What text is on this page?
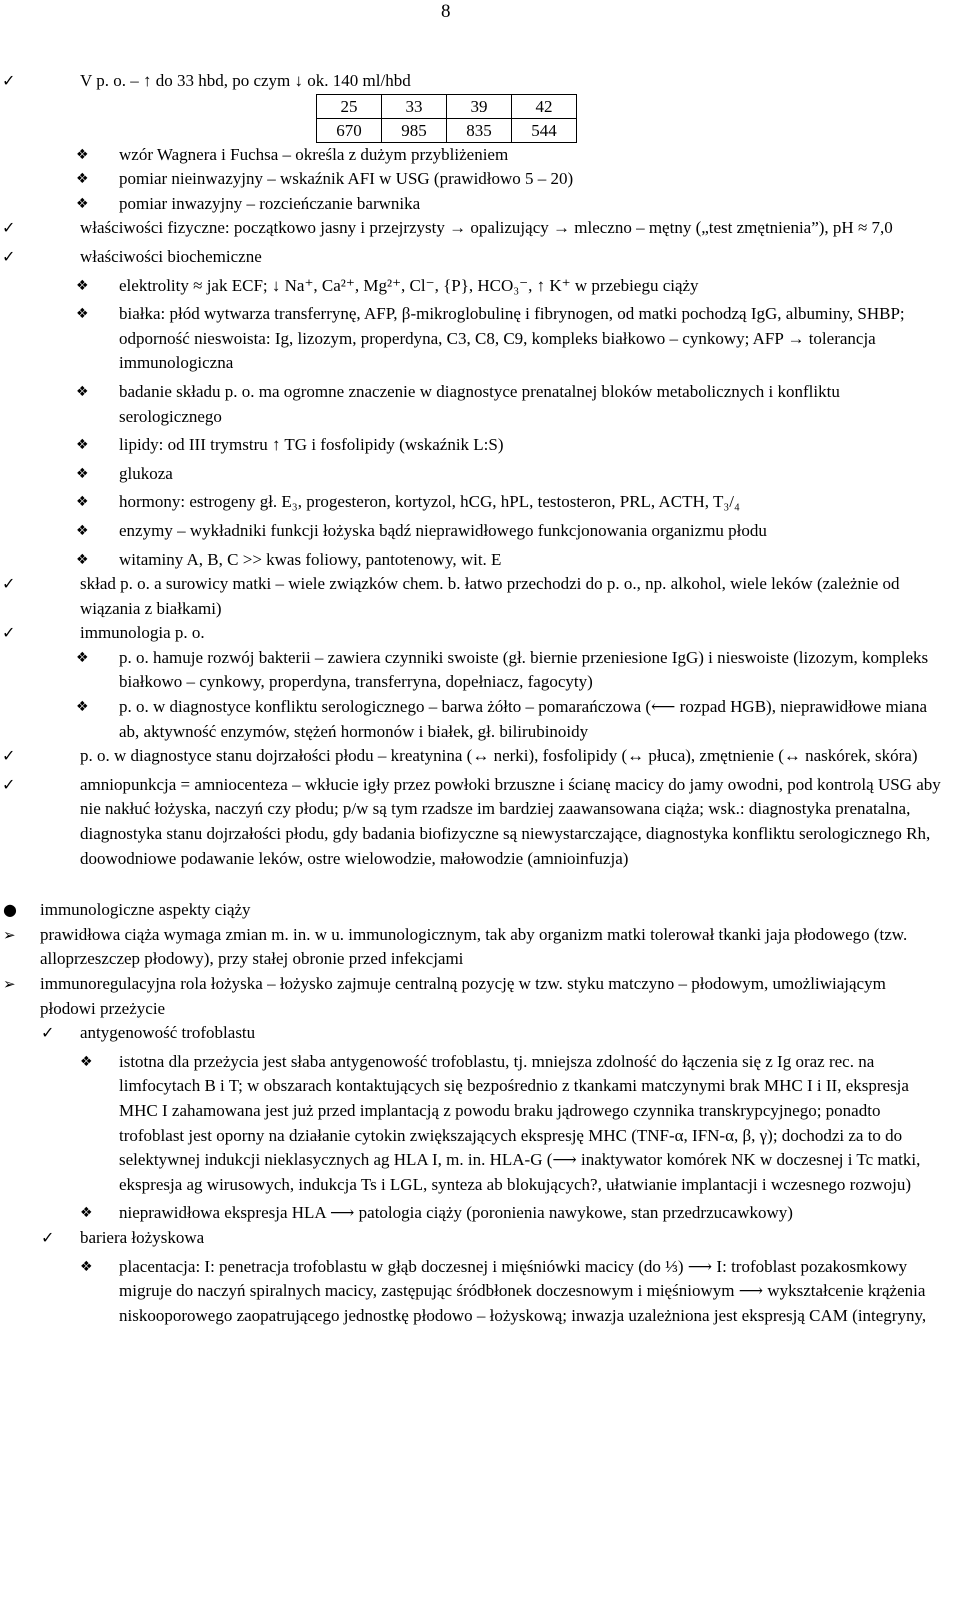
8
✓	V p. o. – ↑ do 33 hbd, po czym ↓ ok. 140 ml/hbd
25	33	39	42
670	985	835	544
❖ wzór Wagnera i Fuchsa – określa z dużym przybliżeniem
❖ pomiar nieinwazyjny – wskaźnik AFI w USG (prawidłowo 5 – 20)
❖ pomiar inwazyjny – rozcieńczanie barwnika
✓	właściwości fizyczne: początkowo jasny i przejrzysty → opalizujący → mleczno – mętny („test zmętnienia”), pH ≈ 7,0
✓	właściwości biochemiczne
❖ elektrolity ≈ jak ECF; ↓ Na⁺, Ca²⁺, Mg²⁺, Cl⁻, {P}, HCO₃⁻, ↑ K⁺ w przebiegu ciąży
❖ białka: płód wytwarza transferrynę, AFP, β-mikroglobulinę i fibrynogen, od matki pochodzą IgG, albuminy, SHBP; odporność nieswoista: Ig, lizozym, properdyna, C3, C8, C9, kompleks białkowo – cynkowy; AFP → tolerancja immunologiczna
❖ badanie składu p. o. ma ogromne znaczenie w diagnostyce prenatalnej bloków metabolicznych i konfliktu serologicznego
❖ lipidy: od III trymstru ↑ TG i fosfolipidy (wskaźnik L:S)
❖ glukoza
❖ hormony: estrogeny gł. E₃, progesteron, kortyzol, hCG, hPL, testosteron, PRL, ACTH, T₃/₄
❖ enzymy – wykładniki funkcji łożyska bądź nieprawidłowego funkcjonowania organizmu płodu
❖ witaminy A, B, C >> kwas foliowy, pantotenowy, wit. E
✓	skład p. o. a surowicy matki – wiele związków chem. b. łatwo przechodzi do p. o., np. alkohol, wiele leków (zależnie od wiązania z białkami)
✓	immunologia p. o.
❖ p. o. hamuje rozwój bakterii – zawiera czynniki swoiste (gł. biernie przeniesione IgG) i nieswoiste (lizozym, kompleks białkowo – cynkowy, properdyna, transferryna, dopełniacz, fagocyty)
❖ p. o. w diagnostyce konfliktu serologicznego – barwa żółto – pomarańczowa (⟵ rozpad HGB), nieprawidłowe miana ab, aktywność enzymów, stężeń hormonów i białek, gł. bilirubinoidy
✓	p. o. w diagnostyce stanu dojrzałości płodu – kreatynina (↔ nerki), fosfolipidy (↔ płuca), zmętnienie (↔ naskórek, skóra)
✓	amniopunkcja = amniocenteza – wkłucie igły przez powłoki brzuszne i ścianę macicy do jamy owodni, pod kontrolą USG aby nie nakłuć łożyska, naczyń czy płodu; p/w są tym rzadsze im bardziej zaawansowana ciąża; wsk.: diagnostyka prenatalna, diagnostyka stanu dojrzałości płodu, gdy badania biofizyczne są niewystarczające, diagnostyka konfliktu serologicznego Rh, doowodniowe podawanie leków, ostre wielowodzie, małowodzie (amnioinfuzja)
● immunologiczne aspekty ciąży
➢ prawidłowa ciąża wymaga zmian m. in. w u. immunologicznym, tak aby organizm matki tolerował tkanki jaja płodowego (tzw. alloprzeszczep płodowy), przy stałej obronie przed infekcjami
➢ immunoregulacyjna rola łożyska – łożysko zajmuje centralną pozycję w tzw. styku matczyno – płodowym, umożliwiającym płodowi przeżycie
✓ antygenowość trofoblastu
❖ istotna dla przeżycia jest słaba antygenowość trofoblastu, tj. mniejsza zdolność do łączenia się z Ig oraz rec. na limfocytach B i T; w obszarach kontaktujących się bezpośrednio z tkankami matczynymi brak MHC I i II, ekspresja MHC I zahamowana jest już przed implantacją z powodu braku jądrowego czynnika transkrypcyjnego; ponadto trofoblast jest oporny na działanie cytokin zwiększających ekspresję MHC (TNF-α, IFN-α, β, γ); dochodzi za to do selektywnej indukcji nieklasycznych ag HLA I, m. in. HLA-G (⟶ inaktywator komórek NK w doczesnej i Tc matki, ekspresja ag wirusowych, indukcja Ts i LGL, synteza ab blokujących?, ułatwianie implantacji i wczesnego rozwoju)
❖ nieprawidłowa ekspresja HLA ⟶ patologia ciąży (poronienia nawykowe, stan przedrzucawkowy)
✓ bariera łożyskowa
❖ placentacja: I: penetracja trofoblastu w głąb doczesnej i mięśniówki macicy (do ⅓) ⟶ I: trofoblast pozakosmkowy migruje do naczyń spiralnych macicy, zastępując śródbłonek doczesnowym i mięśniowym ⟶ wykształcenie krążenia niskooporowego zaopatrującego jednostkę płodowo – łożyskową; inwazja uzależniona jest ekspresją CAM (integryny,
